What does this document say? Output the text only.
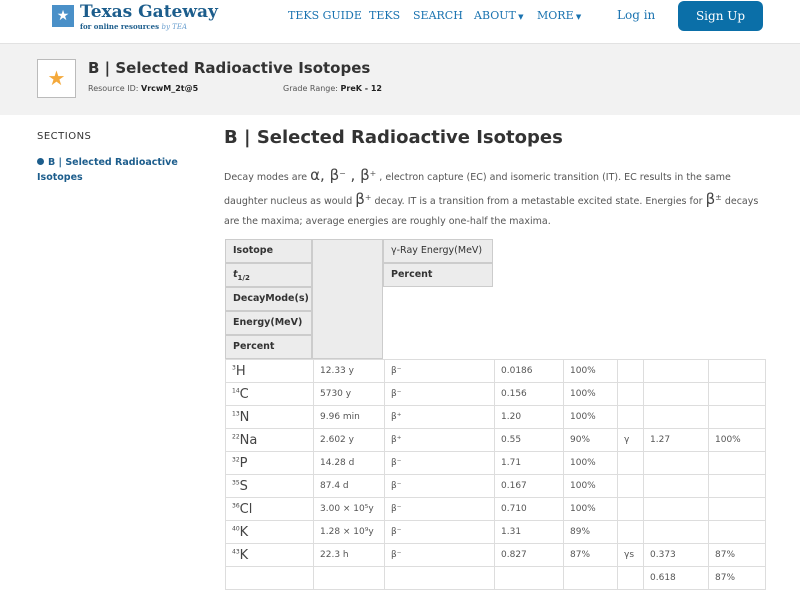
★ Texas Gateway
for online resources by TEA
TEKS GUIDE TEKS SEARCH ABOUT ▼ MORE ▼	Log in	Sign Up
★	B | Selected Radioactive Isotopes
Resource ID: VrcwM_2t@5	Grade Range: PreK - 12
SECTIONS
B | Selected Radioactive Isotopes
B | Selected Radioactive Isotopes
Decay modes are α, β− , β+ , electron capture (EC) and isomeric transition (IT). EC results in the same daughter nucleus as would β+ decay. IT is a transition from a metastable excited state. Energies for β± decays are the maxima; average energies are roughly one-half the maxima.
Isotope
$t_{1/2}$
DecayMode(s)
Energy(MeV)
Percent
γ-Ray Energy(MeV)
Percent
$^3$H	12.33 y	β⁻	0.0186	100%			
$^{14}$C	5730 y	β⁻	0.156	100%			
$^{13}$N	9.96 min	β⁺	1.20	100%			
$^{22}$Na	2.602 y	β⁺	0.55	90%	γ	1.27	100%
$^{32}$P	14.28 d	β⁻	1.71	100%			
$^{35}$S	87.4 d	β⁻	0.167	100%			
$^{36}$Cl	3.00 × 10⁵y	β⁻	0.710	100%			
$^{40}$K	1.28 × 10⁹y	β⁻	1.31	89%			
$^{43}$K	22.3 h	β⁻	0.827	87%	γs	0.373	87%
						0.618	87%
